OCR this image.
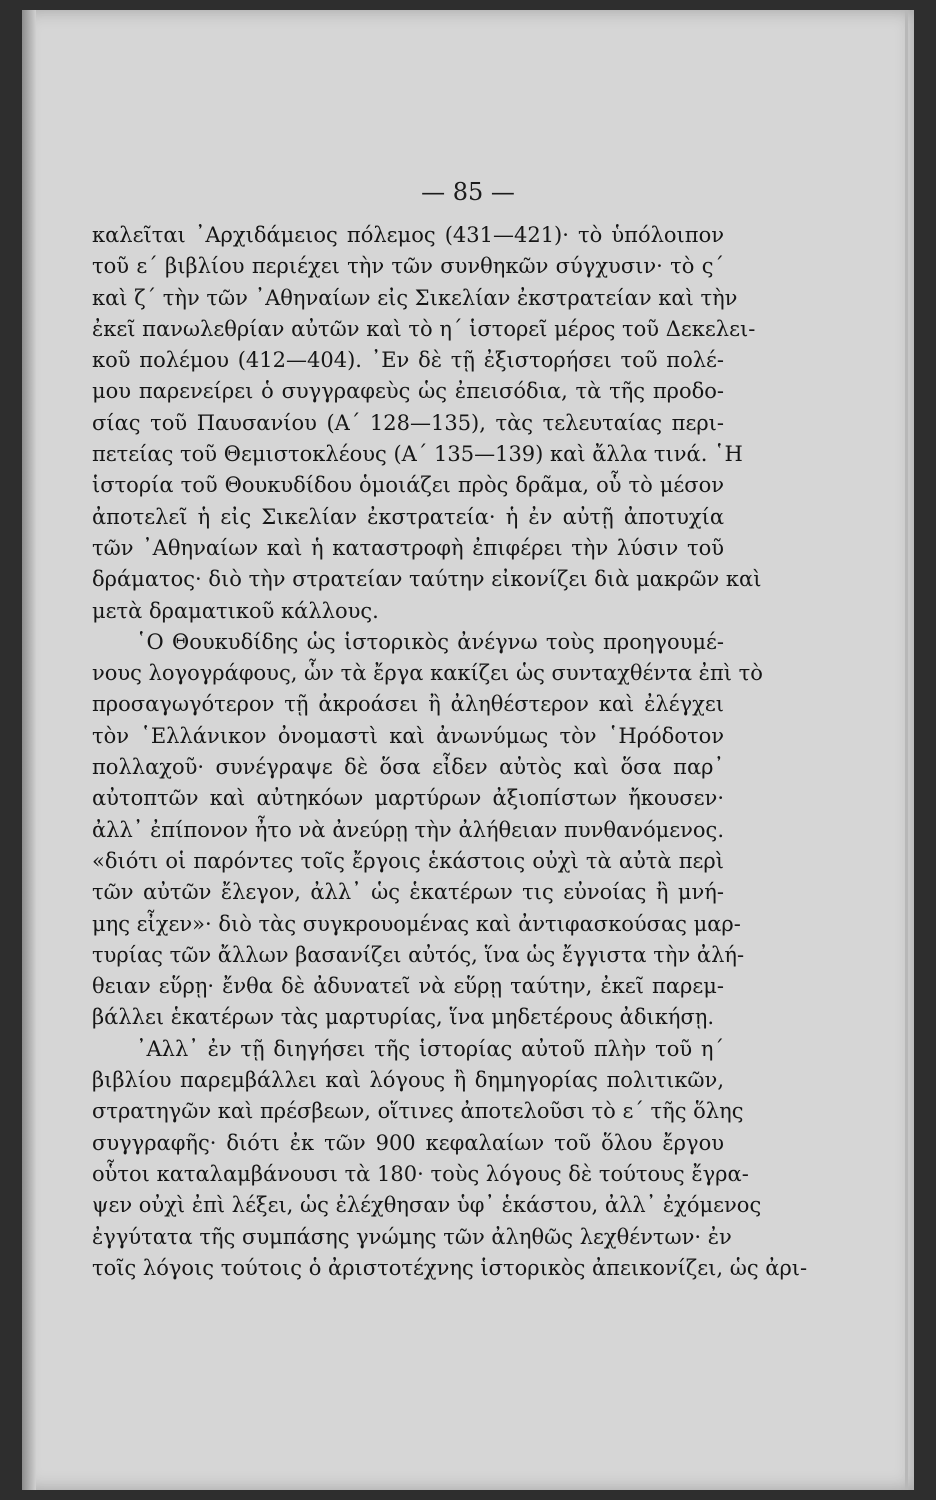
— 85 —
καλεῖται ᾿Αρχιδάμειος πόλεμος (431—421)· τὸ ὑπόλοιπον
τοῦ ε΄ βιβλίου περιέχει τὴν τῶν συνθηκῶν σύγχυσιν· τὸ ς΄
καὶ ζ΄ τὴν τῶν ᾿Αθηναίων εἰς Σικελίαν ἐκστρατείαν καὶ τὴν
ἐκεῖ πανωλεθρίαν αὐτῶν καὶ τὸ η΄ ἱστορεῖ μέρος τοῦ Δεκελει-
κοῦ πολέμου (412—404). ᾿Εν δὲ τῇ ἐξιστορήσει τοῦ πολέ-
μου παρενείρει ὁ συγγραφεὺς ὡς ἐπεισόδια, τὰ τῆς προδο-
σίας τοῦ Παυσανίου (Α΄ 128—135), τὰς τελευταίας περι-
πετείας τοῦ Θεμιστοκλέους (Α΄ 135—139) καὶ ἄλλα τινά. ῾Η
ἱστορία τοῦ Θουκυδίδου ὁμοιάζει πρὸς δρᾶμα, οὗ τὸ μέσον
ἀποτελεῖ ἡ εἰς Σικελίαν ἐκστρατεία· ἡ ἐν αὐτῇ ἀποτυχία
τῶν ᾿Αθηναίων καὶ ἡ καταστροφὴ ἐπιφέρει τὴν λύσιν τοῦ
δράματος· διὸ τὴν στρατείαν ταύτην εἰκονίζει διὰ μακρῶν καὶ
μετὰ δραματικοῦ κάλλους.
῾Ο Θουκυδίδης ὡς ἱστορικὸς ἀνέγνω τοὺς προηγουμέ-
νους λογογράφους, ὧν τὰ ἔργα κακίζει ὡς συνταχθέντα ἐπὶ τὸ
προσαγωγότερον τῇ ἀκροάσει ἢ ἀληθέστερον καὶ ἐλέγχει
τὸν ῾Ελλάνικον ὀνομαστὶ καὶ ἀνωνύμως τὸν ῾Ηρόδοτον
πολλαχοῦ· συνέγραψε δὲ ὅσα εἶδεν αὐτὸς καὶ ὅσα παρ᾿
αὐτοπτῶν καὶ αὐτηκόων μαρτύρων ἀξιοπίστων ἤκουσεν·
ἀλλ᾿ ἐπίπονον ἦτο νὰ ἀνεύρῃ τὴν ἀλήθειαν πυνθανόμενος.
«διότι οἱ παρόντες τοῖς ἔργοις ἑκάστοις οὐχὶ τὰ αὐτὰ περὶ
τῶν αὐτῶν ἔλεγον, ἀλλ᾿ ὡς ἑκατέρων τις εὐνοίας ἢ μνή-
μης εἶχεν»· διὸ τὰς συγκρουομένας καὶ ἀντιφασκούσας μαρ-
τυρίας τῶν ἄλλων βασανίζει αὐτός, ἵνα ὡς ἔγγιστα τὴν ἀλή-
θειαν εὕρῃ· ἔνθα δὲ ἀδυνατεῖ νὰ εὕρῃ ταύτην, ἐκεῖ παρεμ-
βάλλει ἑκατέρων τὰς μαρτυρίας, ἵνα μηδετέρους ἀδικήσῃ.
᾿Αλλ᾿ ἐν τῇ διηγήσει τῆς ἱστορίας αὐτοῦ πλὴν τοῦ η΄
βιβλίου παρεμβάλλει καὶ λόγους ἢ δημηγορίας πολιτικῶν,
στρατηγῶν καὶ πρέσβεων, οἵτινες ἀποτελοῦσι τὸ ε΄ τῆς ὅλης
συγγραφῆς· διότι ἐκ τῶν 900 κεφαλαίων τοῦ ὅλου ἔργου
οὗτοι καταλαμβάνουσι τὰ 180· τοὺς λόγους δὲ τούτους ἔγρα-
ψεν οὐχὶ ἐπὶ λέξει, ὡς ἐλέχθησαν ὑφ᾿ ἑκάστου, ἀλλ᾿ ἐχόμενος
ἐγγύτατα τῆς συμπάσης γνώμης τῶν ἀληθῶς λεχθέντων· ἐν
τοῖς λόγοις τούτοις ὁ ἀριστοτέχνης ἱστορικὸς ἀπεικονίζει, ὡς ἀρι-
